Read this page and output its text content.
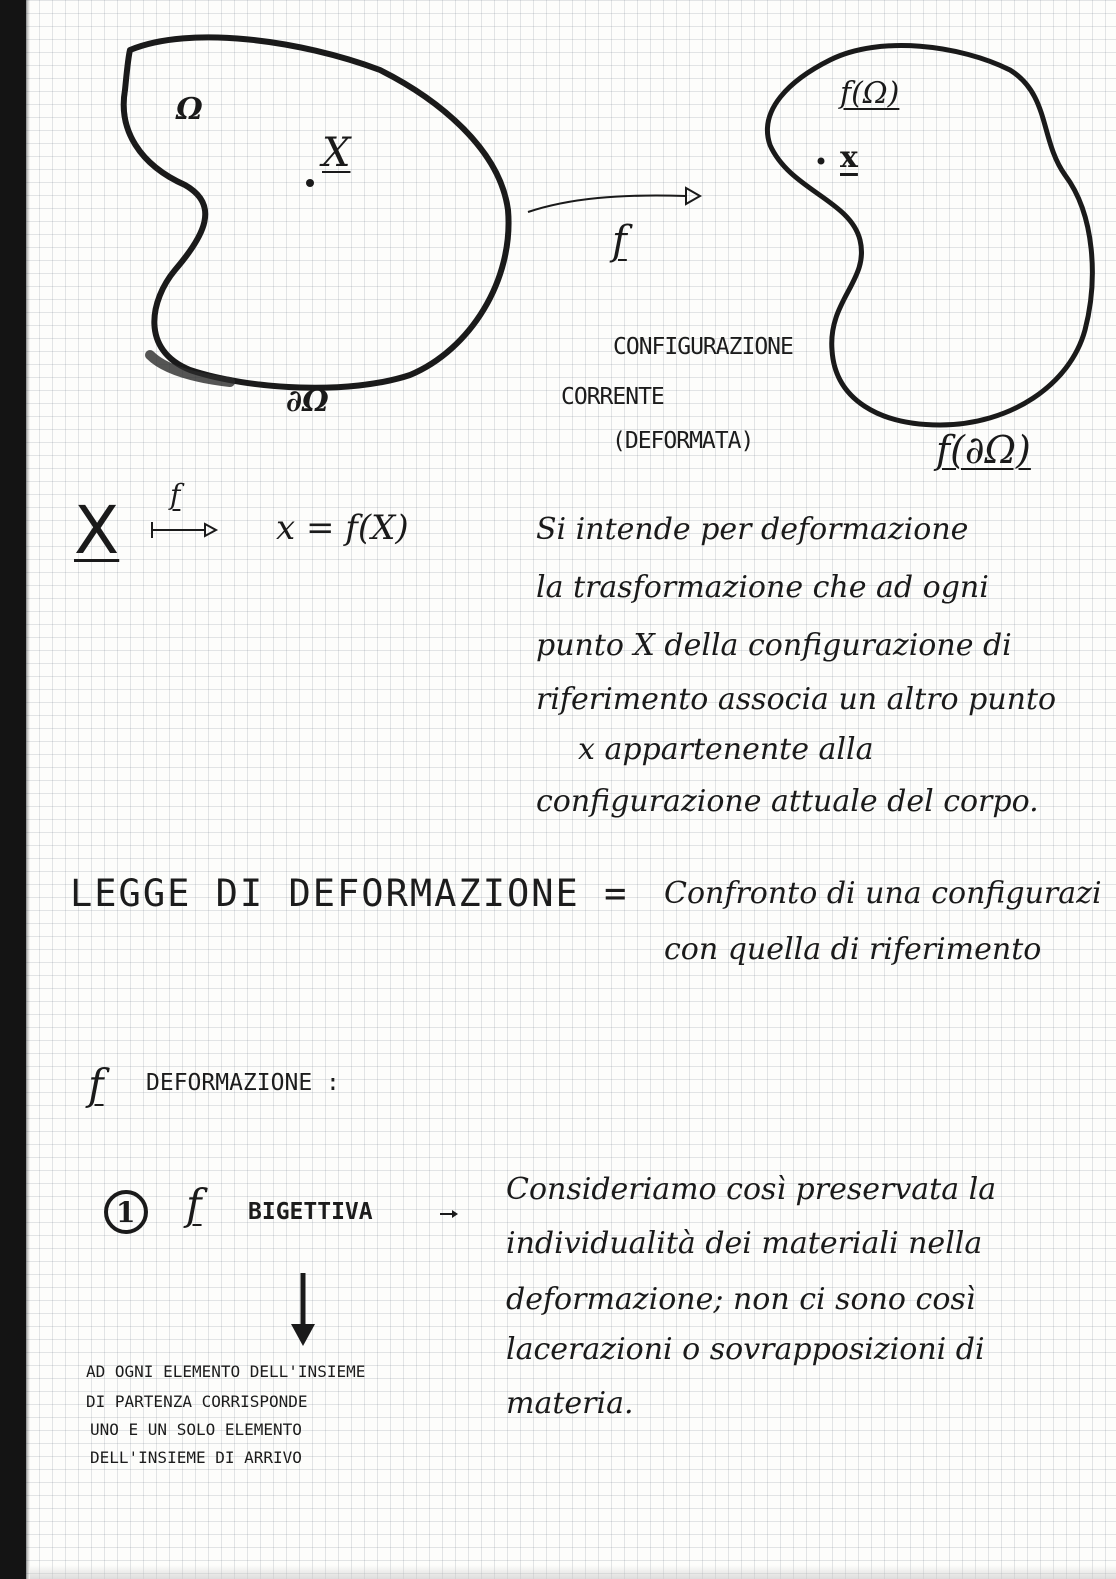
Ω
X
∂Ω
f
f(Ω)
x
f(∂Ω)
CONFIGURAZIONE
CORRENTE
(DEFORMATA)
X f
x = f(X)	Si intende per deformazione
la trasformazione che ad ogni
punto X della configurazione di
riferimento associa un altro punto
x appartenente alla
configurazione attuale del corpo.
LEGGE DI DEFORMAZIONE = Confronto di una configurazi
con quella di riferimento
f DEFORMAZIONE :
1 f BIGETTIVA
Consideriamo così preservata la
individualità dei materiali nella
deformazione; non ci sono così
lacerazioni o sovrapposizioni di
materia.
AD OGNI ELEMENTO DELL'INSIEME
DI PARTENZA CORRISPONDE
UNO E UN SOLO ELEMENTO
DELL'INSIEME DI ARRIVO
